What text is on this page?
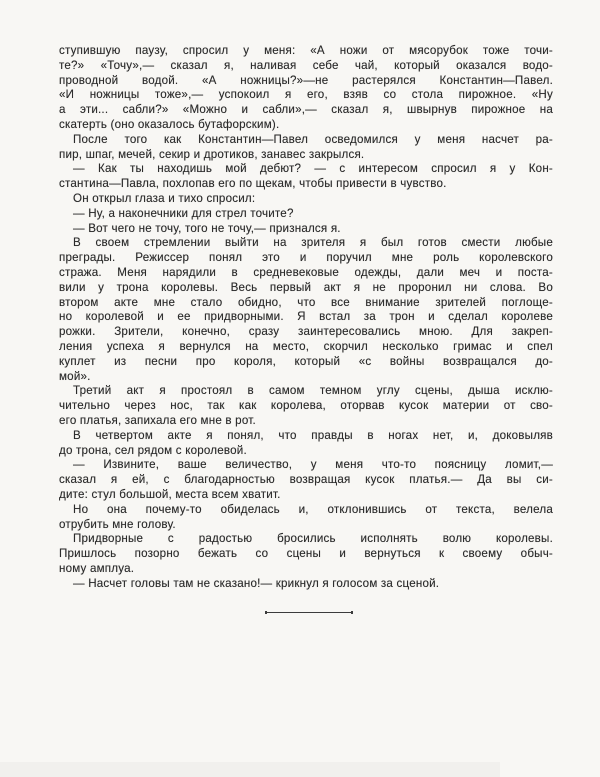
ступившую паузу, спросил у меня: «А ножи от мясорубок тоже точи-
те?» «Точу»,— сказал я, наливая себе чай, который оказался водо-
проводной водой. «А ножницы?»—не растерялся Константин—Павел.
«И ножницы тоже»,— успокоил я его, взяв со стола пирожное. «Ну
а эти... сабли?» «Можно и сабли»,— сказал я, швырнув пирожное на
скатерть (оно оказалось бутафорским).
После того как Константин—Павел осведомился у меня насчет ра-
пир, шпаг, мечей, секир и дротиков, занавес закрылся.
— Как ты находишь мой дебют? — с интересом спросил я у Кон-
стантина—Павла, похлопав его по щекам, чтобы привести в чувство.
Он открыл глаза и тихо спросил:
— Ну, а наконечники для стрел точите?
— Вот чего не точу, того не точу,— признался я.
В своем стремлении выйти на зрителя я был готов смести любые
преграды. Режиссер понял это и поручил мне роль королевского
стража. Меня нарядили в средневековые одежды, дали меч и поста-
вили у трона королевы. Весь первый акт я не проронил ни слова. Во
втором акте мне стало обидно, что все внимание зрителей поглоще-
но королевой и ее придворными. Я встал за трон и сделал королеве
рожки. Зрители, конечно, сразу заинтересовались мною. Для закреп-
ления успеха я вернулся на место, скорчил несколько гримас и спел
куплет из песни про короля, который «с войны возвращался до-
мой».
Третий акт я простоял в самом темном углу сцены, дыша исклю-
чительно через нос, так как королева, оторвав кусок материи от сво-
его платья, запихала его мне в рот.
В четвертом акте я понял, что правды в ногах нет, и, доковыляв
до трона, сел рядом с королевой.
— Извините, ваше величество, у меня что-то поясницу ломит,—
сказал я ей, с благодарностью возвращая кусок платья.— Да вы си-
дите: стул большой, места всем хватит.
Но она почему-то обиделась и, отклонившись от текста, велела
отрубить мне голову.
Придворные с радостью бросились исполнять волю королевы.
Пришлось позорно бежать со сцены и вернуться к своему обыч-
ному амплуа.
— Насчет головы там не сказано!— крикнул я голосом за сценой.
